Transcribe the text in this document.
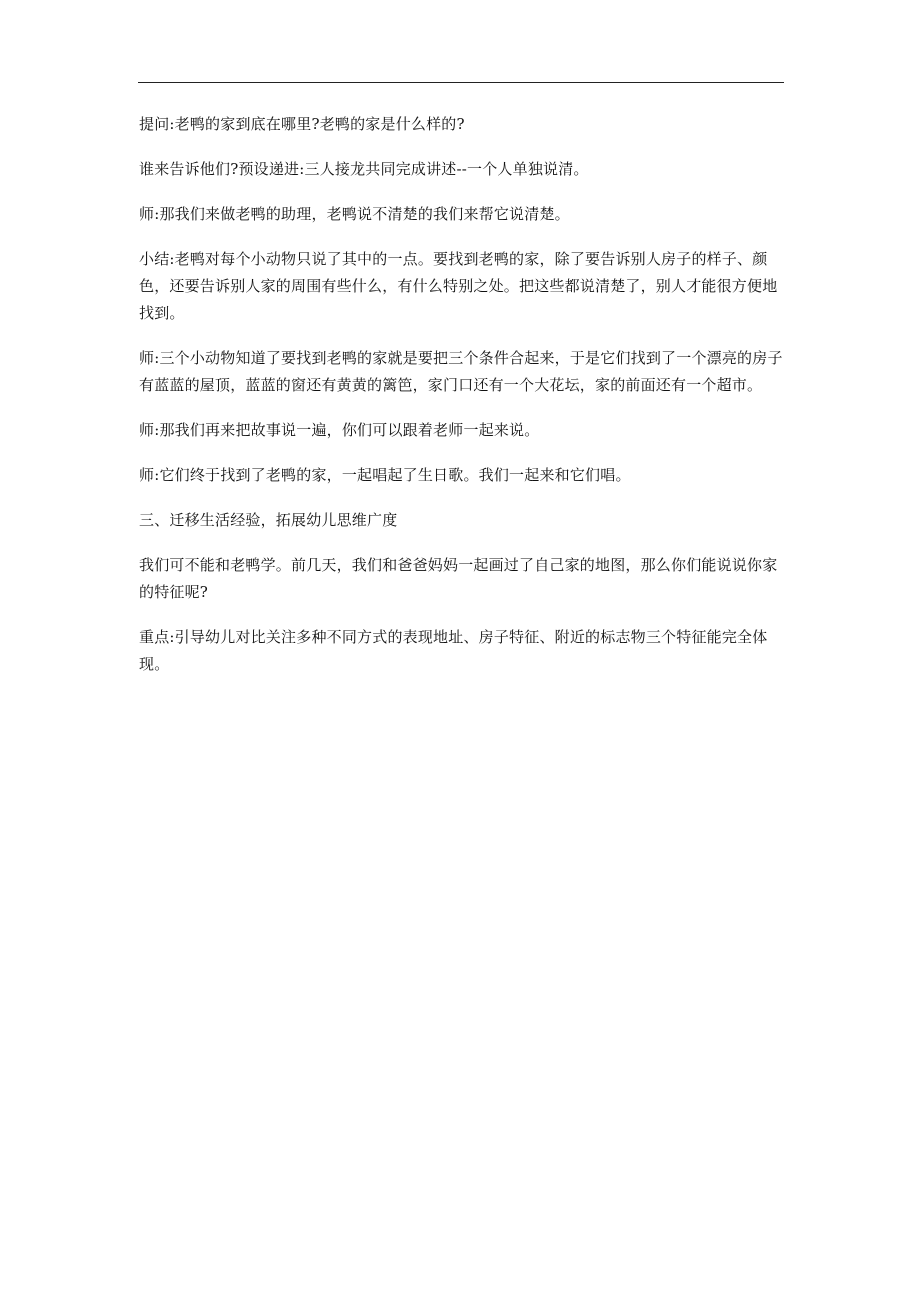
提问:老鸭的家到底在哪里?老鸭的家是什么样的?

谁来告诉他们?预设递进:三人接龙共同完成讲述--一个人单独说清。

师:那我们来做老鸭的助理，老鸭说不清楚的我们来帮它说清楚。

小结:老鸭对每个小动物只说了其中的一点。要找到老鸭的家，除了要告诉别人房子的样子、颜色，还要告诉别人家的周围有些什么，有什么特别之处。把这些都说清楚了，别人才能很方便地找到。

师:三个小动物知道了要找到老鸭的家就是要把三个条件合起来，于是它们找到了一个漂亮的房子有蓝蓝的屋顶，蓝蓝的窗还有黄黄的篱笆，家门口还有一个大花坛，家的前面还有一个超市。

师:那我们再来把故事说一遍，你们可以跟着老师一起来说。

师:它们终于找到了老鸭的家，一起唱起了生日歌。我们一起来和它们唱。

三、迁移生活经验，拓展幼儿思维广度

我们可不能和老鸭学。前几天，我们和爸爸妈妈一起画过了自己家的地图，那么你们能说说你家的特征呢?

重点:引导幼儿对比关注多种不同方式的表现地址、房子特征、附近的标志物三个特征能完全体现。
